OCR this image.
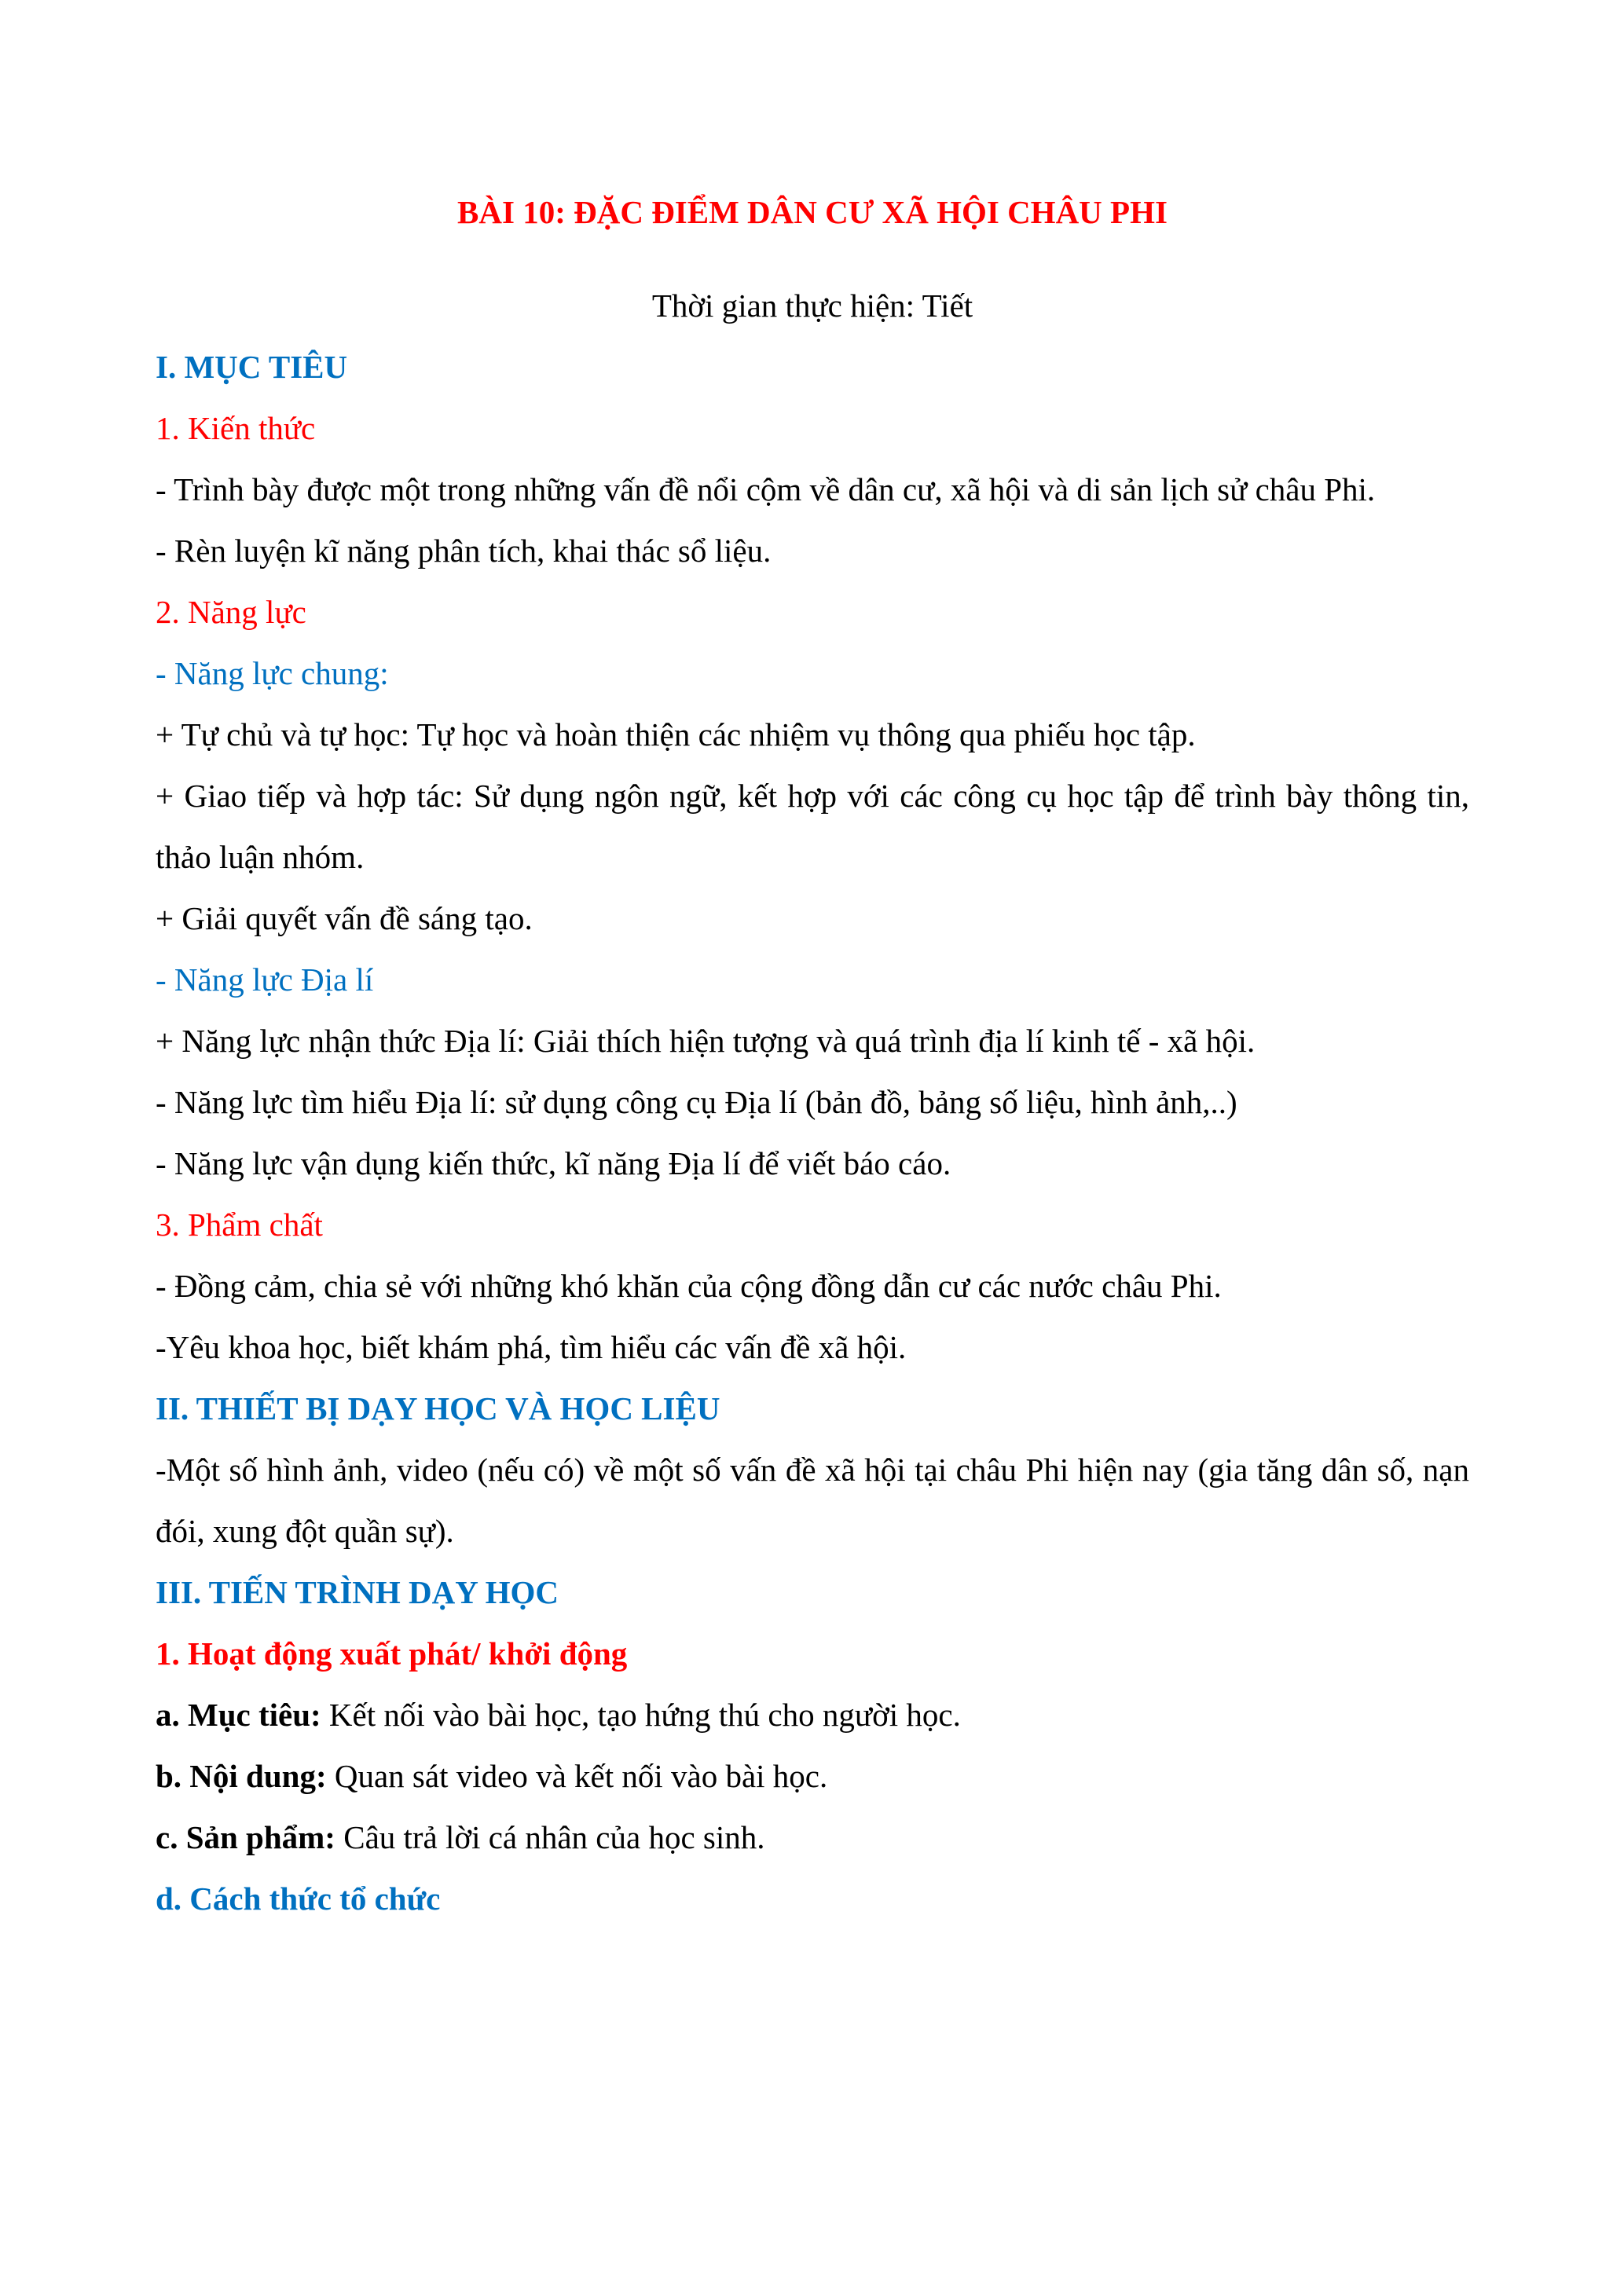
BÀI 10: ĐẶC ĐIỂM DÂN CƯ XÃ HỘI CHÂU PHI

Thời gian thực hiện: Tiết

I. MỤC TIÊU

1. Kiến thức

- Trình bày được một trong những vấn đề nổi cộm về dân cư, xã hội và di sản lịch sử châu Phi.

- Rèn luyện kĩ năng phân tích, khai thác sổ liệu.

2. Năng lực

- Năng lực chung:

+ Tự chủ và tự học: Tự học và hoàn thiện các nhiệm vụ thông qua phiếu học tập.

+ Giao tiếp và hợp tác: Sử dụng ngôn ngữ, kết hợp với các công cụ học tập để trình bày thông tin, thảo luận nhóm.

+ Giải quyết vấn đề sáng tạo.

- Năng lực Địa lí

+ Năng lực nhận thức Địa lí: Giải thích hiện tượng và quá trình địa lí kinh tế - xã hội.

- Năng lực tìm hiểu Địa lí: sử dụng công cụ Địa lí (bản đồ, bảng số liệu, hình ảnh,..)

- Năng lực vận dụng kiến thức, kĩ năng Địa lí để viết báo cáo.

3. Phẩm chất

- Đồng cảm, chia sẻ với những khó khăn của cộng đồng dẫn cư các nước châu Phi.

-Yêu khoa học, biết khám phá, tìm hiểu các vấn đề xã hội.

II. THIẾT BỊ DẠY HỌC VÀ HỌC LIỆU

-Một số hình ảnh, video (nếu có) về một số vấn đề xã hội tại châu Phi hiện nay (gia tăng dân số, nạn đói, xung đột quần sự).

III. TIẾN TRÌNH DẠY HỌC

1. Hoạt động xuất phát/ khởi động

a. Mục tiêu: Kết nối vào bài học, tạo hứng thú cho người học.

b. Nội dung: Quan sát video và kết nối vào bài học.

c. Sản phẩm: Câu trả lời cá nhân của học sinh.

d. Cách thức tổ chức
